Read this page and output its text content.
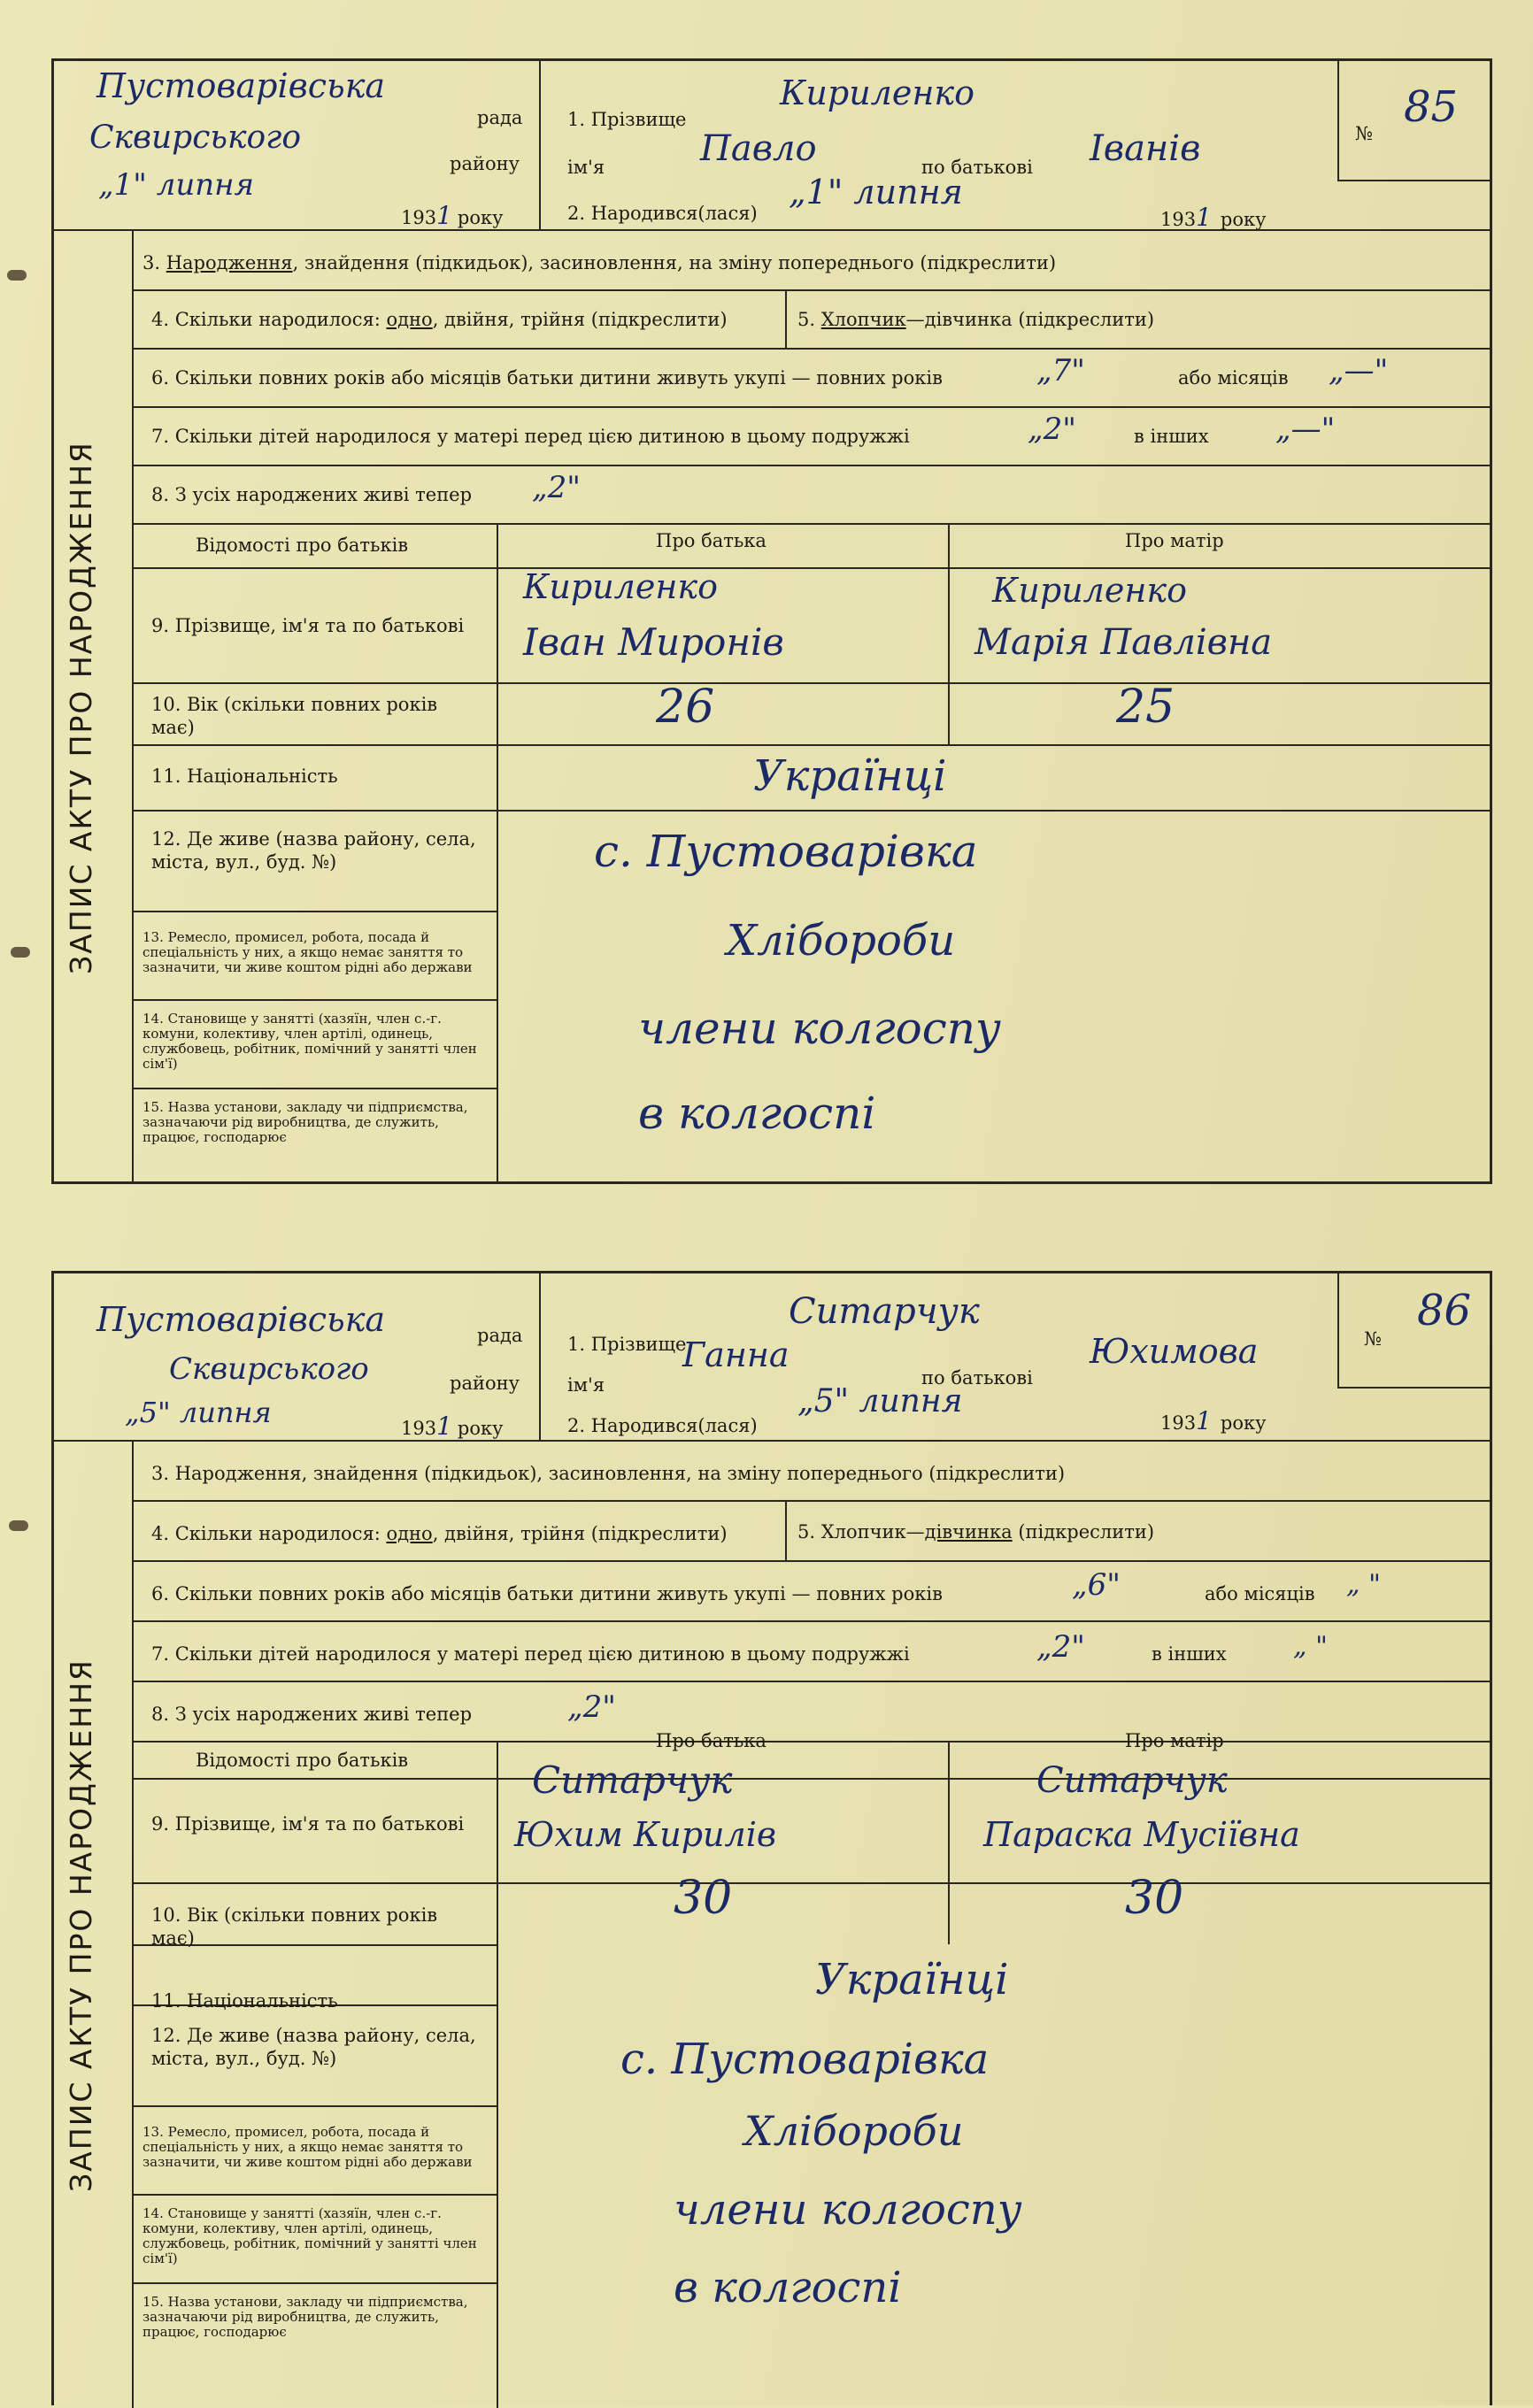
Пустоварівська
рада
Сквирського
району
„1" липня
1931 року
1. Прізвище
Кириленко
ім'я	Павло	по батькові Іванів
2. Народився(лася)
„1" липня
1931 року
№
85
ЗАПИС АКТУ ПРО НАРОДЖЕННЯ
3. Народження, знайдення (підкидьок), засиновлення, на зміну попереднього (підкреслити)
4. Скільки народилося: одно, двійня, трійня (підкреслити)	5. Хлопчик—дівчинка (підкреслити)
6. Скільки повних років або місяців батьки дитини живуть укупі — повних років	„7"	або місяців „—"
7. Скільки дітей народилося у матері перед цією дитиною в цьому подружжі	„2"	в інших „—"
8. З усіх народжених живі тепер „2"
Відомості про батьків	Про батька	Про матір
9. Прізвище, ім'я та по батькові
Кириленко
Іван Миронів
Кириленко
Марія Павлівна
10. Вік (скільки повних років має)	26	25
11. Національність	Українці
12. Де живе (назва району, села, міста, вул., буд. №)	с. Пустоварівка
13. Ремесло, промисел, робота, посада й спеціальність у них, а якщо немає заняття то зазначити, чи живе коштом рідні або держави
Хлібороби
14. Становище у занятті (хазяїн, член с.-г. комуни, колективу, член артілі, одинець, службовець, робітник, помічний у занятті член сім'ї)
члени колгоспу
15. Назва установи, закладу чи підприємства, зазначаючи рід виробництва, де служить, працює, господарює	в колгоспі
Пустоварівська	рада
Сквирського	району
„5" липня	1931 року
1. Прізвище
Ситарчук
ім'я
Ганна
по батькові
Юхимова
2. Народився(лася)
„5" липня
1931 року
№
86
ЗАПИС АКТУ ПРО НАРОДЖЕННЯ
3. Народження, знайдення (підкидьок), засиновлення, на зміну попереднього (підкреслити)
4. Скільки народилося: одно, двійня, трійня (підкреслити)	5. Хлопчик—дівчинка (підкреслити)
6. Скільки повних років або місяців батьки дитини живуть укупі — повних років	„6"	або місяців „ "
7. Скільки дітей народилося у матері перед цією дитиною в цьому подружжі	„2"	в інших	„ "
8. З усіх народжених живі тепер	„2"
Відомості про батьків
Про батька	Про матір
9. Прізвище, ім'я та по батькові
Ситарчук
Юхим Кирилів
Ситарчук
Параска Мусіївна
10. Вік (скільки повних років має)
30	30
11. Національність	Українці
12. Де живе (назва району, села, міста, вул., буд. №)	с. Пустоварівка
13. Ремесло, промисел, робота, посада й спеціальність у них, а якщо немає заняття то зазначити, чи живе коштом рідні або держави
Хлібороби
14. Становище у занятті (хазяїн, член с.-г. комуни, колективу, член артілі, одинець, службовець, робітник, помічний у занятті член сім'ї)
члени колгоспу
15. Назва установи, закладу чи підприємства, зазначаючи рід виробництва, де служить, працює, господарює
в колгоспі
